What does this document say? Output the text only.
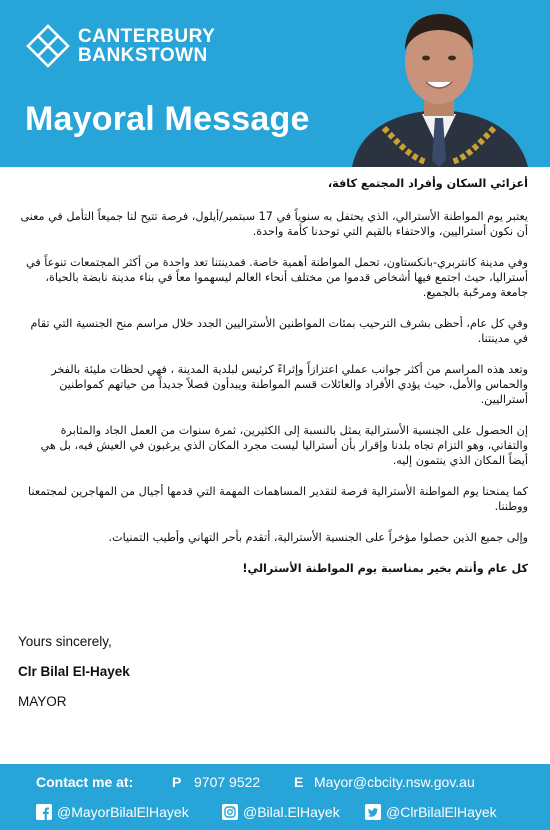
CANTERBURY
BANKSTOWN
Mayoral Message

أعزائي السكان وأفراد المجتمع كافة،

يعتبر يوم المواطنة الأسترالي، الذي يحتفل به سنوياً في 17 سبتمبر/أيلول، فرصة تتيح لنا جميعاً التأمل في معنى أن نكون أستراليين، والاحتفاء بالقيم التي توحدنا كأمة واحدة.

وفي مدينة كانتربري-بانكستاون، تحمل المواطنة أهمية خاصة. فمدينتنا تعد واحدة من أكثر المجتمعات تنوعاً في أستراليا، حيث اجتمع فيها أشخاص قدموا من مختلف أنحاء العالم ليسهموا معاً في بناء مدينة نابضة بالحياة، جامعة ومرحّبة بالجميع.

وفي كل عام، أحظى بشرف الترحيب بمئات المواطنين الأستراليين الجدد خلال مراسم منح الجنسية التي تقام في مدينتنا.

وتعد هذه المراسم من أكثر جوانب عملي اعتزازاً وإثراءً كرئيس لبلدية المدينة ، فهي لحظات مليئة بالفخر والحماس والأمل، حيث يؤدي الأفراد والعائلات قسم المواطنة ويبدأون فصلاً جديداً من حياتهم كمواطنين أستراليين.

إن الحصول على الجنسية الأسترالية يمثل بالنسبة إلى الكثيرين، ثمرة سنوات من العمل الجاد والمثابرة والتفاني، وهو التزام تجاه بلدنا وإقرار بأن أستراليا ليست مجرد المكان الذي يرغبون في العيش فيه، بل هي أيضاً المكان الذي ينتمون إليه.

كما يمنحنا يوم المواطنة الأسترالية فرصة لتقدير المساهمات المهمة التي قدمها أجيال من المهاجرين لمجتمعنا ووطننا.

وإلى جميع الذين حصلوا مؤخراً على الجنسية الأسترالية، أتقدم بأحر التهاني وأطيب التمنيات.

كل عام وأنتم بخير بمناسبة يوم المواطنة الأسترالي!

Yours sincerely,
Clr Bilal El-Hayek
MAYOR
Contact me at:	P 9707 9522 E Mayor@cbcity.nsw.gov.au
@MayorBilalElHayek	@Bilal.ElHayek	@ClrBilalElHayek
